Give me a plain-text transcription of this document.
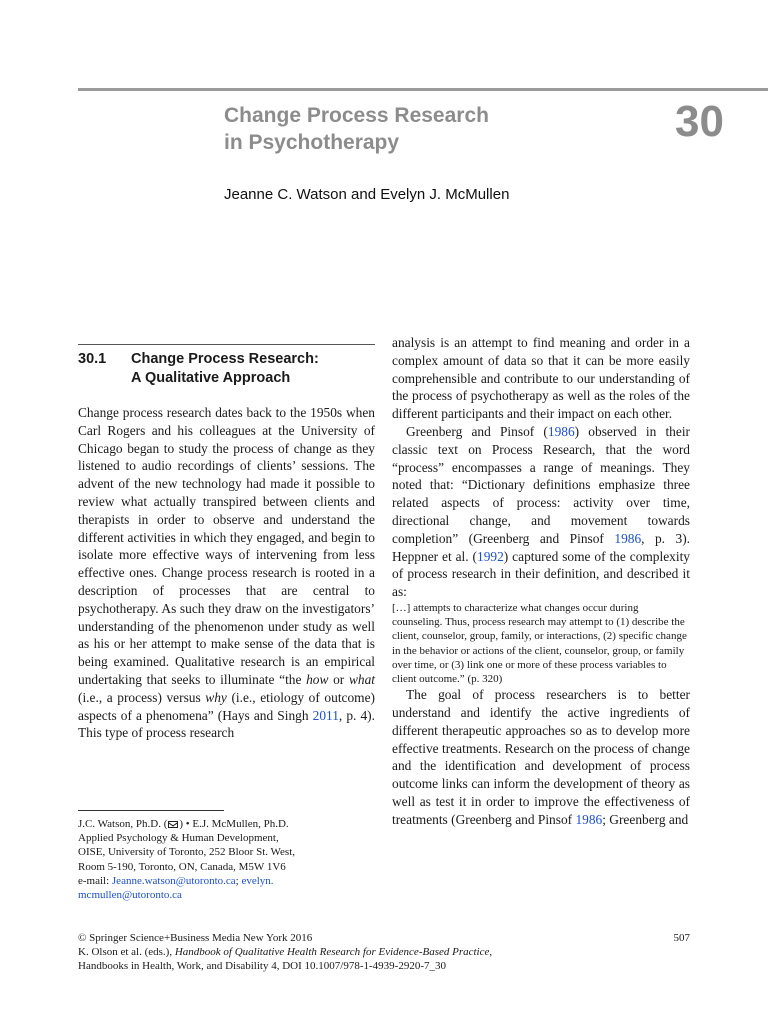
Change Process Research
in Psychotherapy	30
Jeanne C. Watson and Evelyn J. McMullen
30.1 Change Process Research:
A Qualitative Approach

Change process research dates back to the 1950s when Carl Rogers and his colleagues at the University of Chicago began to study the process of change as they listened to audio recordings of clients’ sessions. The advent of the new technology had made it possible to review what actually transpired between clients and therapists in order to observe and understand the different activities in which they engaged, and begin to isolate more effective ways of intervening from less effective ones. Change process research is rooted in a description of processes that are central to psychotherapy. As such they draw on the investigators’ understanding of the phenomenon under study as well as his or her attempt to make sense of the data that is being examined. Qualitative research is an empirical undertaking that seeks to illuminate “the how or what (i.e., a process) versus why (i.e., etiology of outcome) aspects of a phenomena” (Hays and Singh 2011, p. 4). This type of process research

analysis is an attempt to find meaning and order in a complex amount of data so that it can be more easily comprehensible and contribute to our understanding of the process of psychotherapy as well as the roles of the different participants and their impact on each other.

Greenberg and Pinsof (1986) observed in their classic text on Process Research, that the word “process” encompasses a range of meanings. They noted that: “Dictionary definitions emphasize three related aspects of process: activity over time, directional change, and movement towards completion” (Greenberg and Pinsof 1986, p. 3). Heppner et al. (1992) captured some of the complexity of process research in their definition, and described it as:

[…] attempts to characterize what changes occur during counseling. Thus, process research may attempt to (1) describe the client, counselor, group, family, or interactions, (2) specific change in the behavior or actions of the client, counselor, group, or family over time, or (3) link one or more of these process variables to client outcome.” (p. 320)

The goal of process researchers is to better understand and identify the active ingredients of different therapeutic approaches so as to develop more effective treatments. Research on the process of change and the identification and development of process outcome links can inform the development of theory as well as test it in order to improve the effectiveness of treatments (Greenberg and Pinsof 1986; Greenberg and

J.C. Watson, Ph.D. ( ) • E.J. McMullen, Ph.D.
Applied Psychology & Human Development,
OISE, University of Toronto, 252 Bloor St. West,
Room 5-190, Toronto, ON, Canada, M5W 1V6
e-mail: Jeanne.watson@utoronto.ca; evelyn.
mcmullen@utoronto.ca
© Springer Science+Business Media New York 2016	507
K. Olson et al. (eds.), Handbook of Qualitative Health Research for Evidence-Based Practice,
Handbooks in Health, Work, and Disability 4, DOI 10.1007/978-1-4939-2920-7_30
